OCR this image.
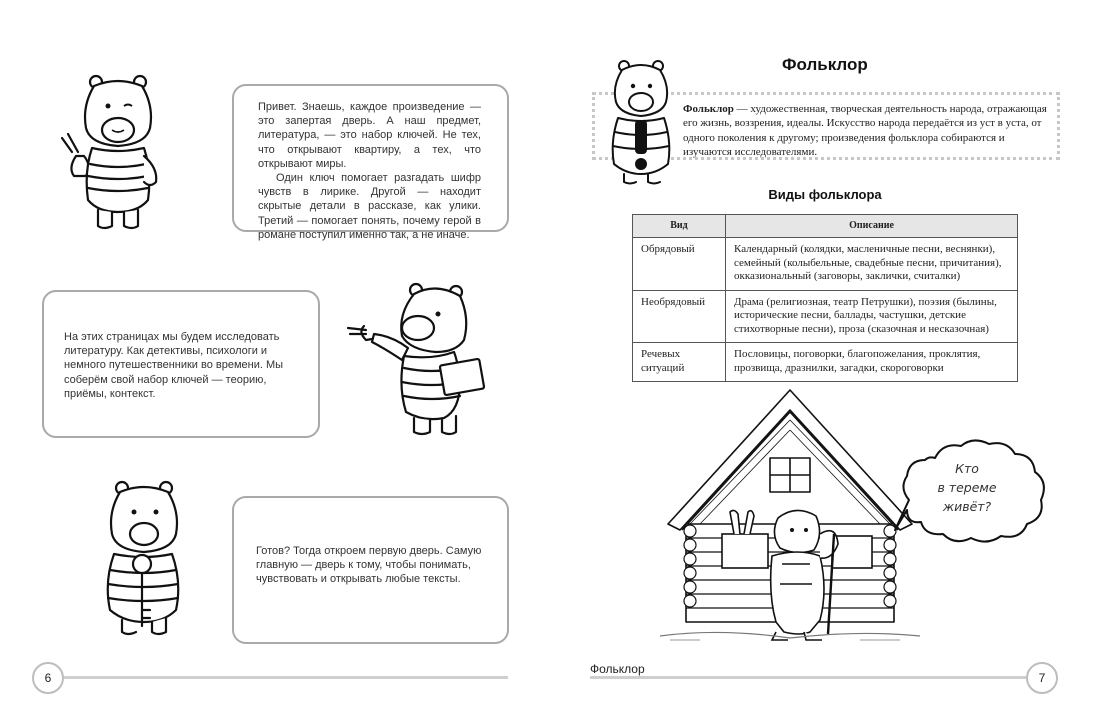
Привет. Знаешь, каждое произведение — это запертая дверь. А наш предмет, литература, — это набор ключей. Не тех, что открывают квартиру, а тех, что открывают миры.

Один ключ помогает разгадать шифр чувств в лирике. Другой — находит скрытые детали в рассказе, как улики. Третий — помогает понять, почему герой в романе поступил именно так, а не иначе.

На этих страницах мы будем исследовать литературу. Как детективы, психологи и немного путешественники во времени. Мы соберём свой набор ключей — теорию, приёмы, контекст.

Готов? Тогда откроем первую дверь. Самую главную — дверь к тому, чтобы понимать, чувствовать и открывать любые тексты.

6
Фольклор
Фольклор — художественная, творческая деятельность народа, отражающая его жизнь, воззрения, идеалы. Искусство народа передаётся из уст в уста, от одного поколения к другому; произведения фольклора собираются и изучаются исследователями.
Виды фольклора
Вид	Описание
Обрядовый	Календарный (колядки, масленичные песни, веснянки), семейный (колыбельные, свадебные песни, причитания), окказиональный (заговоры, заклички, считалки)
Необрядовый	Драма (религиозная, театр Петрушки), поэзия (былины, исторические песни, баллады, частушки, детские стихотворные песни), проза (сказочная и несказочная)
Речевых ситуаций	Пословицы, поговорки, благопожелания, проклятия, прозвища, дразнилки, загадки, скороговорки
Кто
в тереме
живёт?
Фольклор
7
